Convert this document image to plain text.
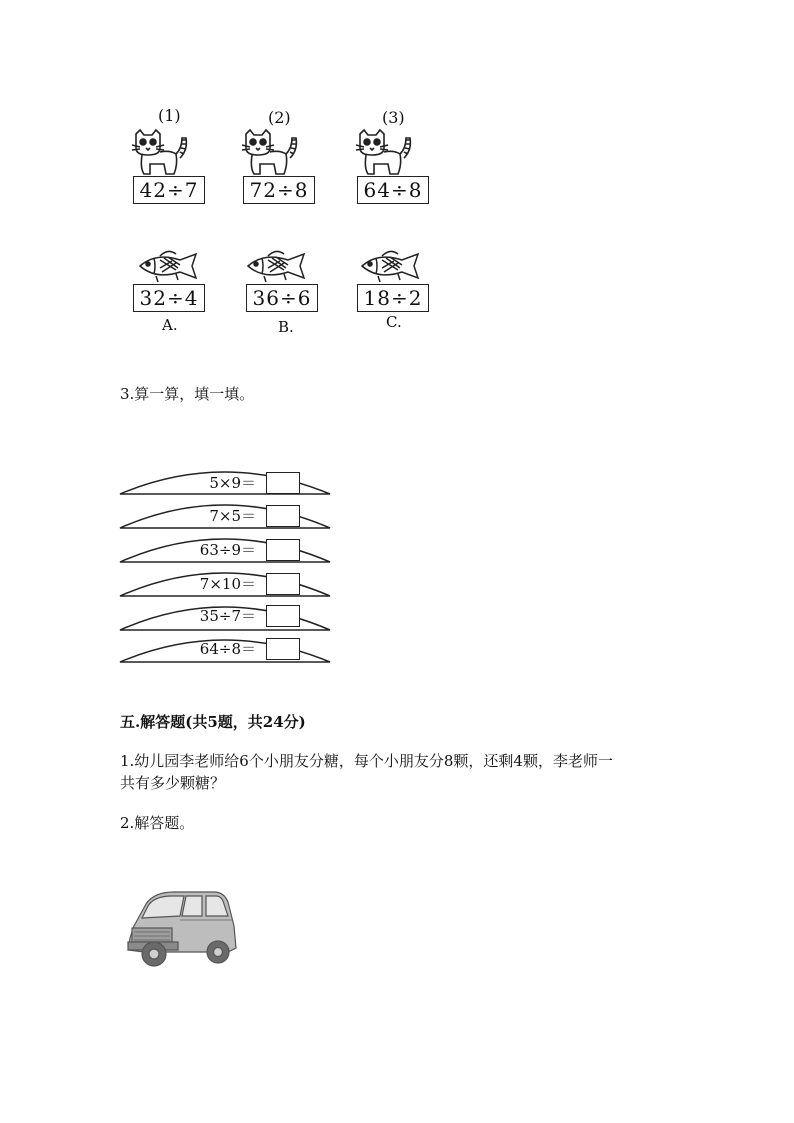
(1)
42÷7
(2)
72÷8
(3)
64÷8
32÷4
A.
36÷6
B.
18÷2
C.
3.算一算，填一填。
5×9＝
7×5＝
63÷9＝
7×10＝
35÷7＝
64÷8＝
五.解答题(共5题，共24分)
1.幼儿园李老师给6个小朋友分糖，每个小朋友分8颗，还剩4颗，李老师一
共有多少颗糖？
2.解答题。
